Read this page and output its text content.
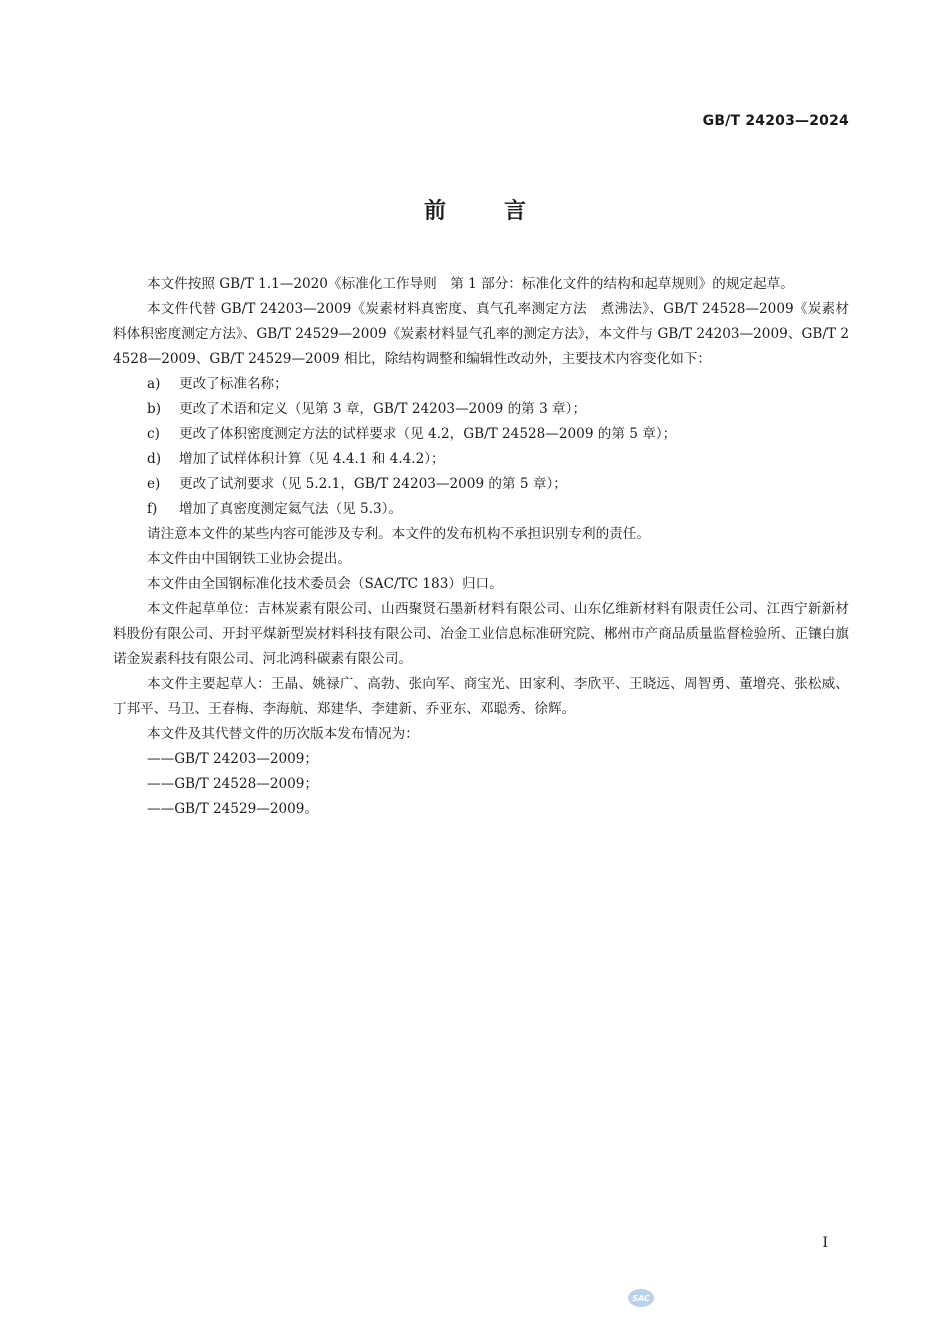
GB/T 24203—2024
前言

本文件按照 GB/T 1.1—2020《标准化工作导则　第 1 部分：标准化文件的结构和起草规则》的规定起草。

本文件代替 GB/T 24203—2009《炭素材料真密度、真气孔率测定方法　煮沸法》、GB/T 24528—2009《炭素材料体积密度测定方法》、GB/T 24529—2009《炭素材料显气孔率的测定方法》，本文件与 GB/T 24203—2009、GB/T 24528—2009、GB/T 24529—2009 相比，除结构调整和编辑性改动外，主要技术内容变化如下：

a) 更改了标准名称；

b) 更改了术语和定义（见第 3 章，GB/T 24203—2009 的第 3 章）；

c) 更改了体积密度测定方法的试样要求（见 4.2，GB/T 24528—2009 的第 5 章）；

d) 增加了试样体积计算（见 4.4.1 和 4.4.2）；

e) 更改了试剂要求（见 5.2.1，GB/T 24203—2009 的第 5 章）；

f) 增加了真密度测定氦气法（见 5.3）。

请注意本文件的某些内容可能涉及专利。本文件的发布机构不承担识别专利的责任。

本文件由中国钢铁工业协会提出。

本文件由全国钢标准化技术委员会（SAC/TC 183）归口。

本文件起草单位：吉林炭素有限公司、山西聚贤石墨新材料有限公司、山东亿维新材料有限责任公司、江西宁新新材料股份有限公司、开封平煤新型炭材料科技有限公司、冶金工业信息标准研究院、郴州市产商品质量监督检验所、正镶白旗诺金炭素科技有限公司、河北鸿科碳素有限公司。

本文件主要起草人：王晶、姚禄广、高勃、张向军、商宝光、田家利、李欣平、王晓远、周智勇、董增亮、张松威、丁邦平、马卫、王春梅、李海航、郑建华、李建新、乔亚东、邓聪秀、徐辉。

本文件及其代替文件的历次版本发布情况为：

——GB/T 24203—2009；

——GB/T 24528—2009；

——GB/T 24529—2009。

I
SAC
